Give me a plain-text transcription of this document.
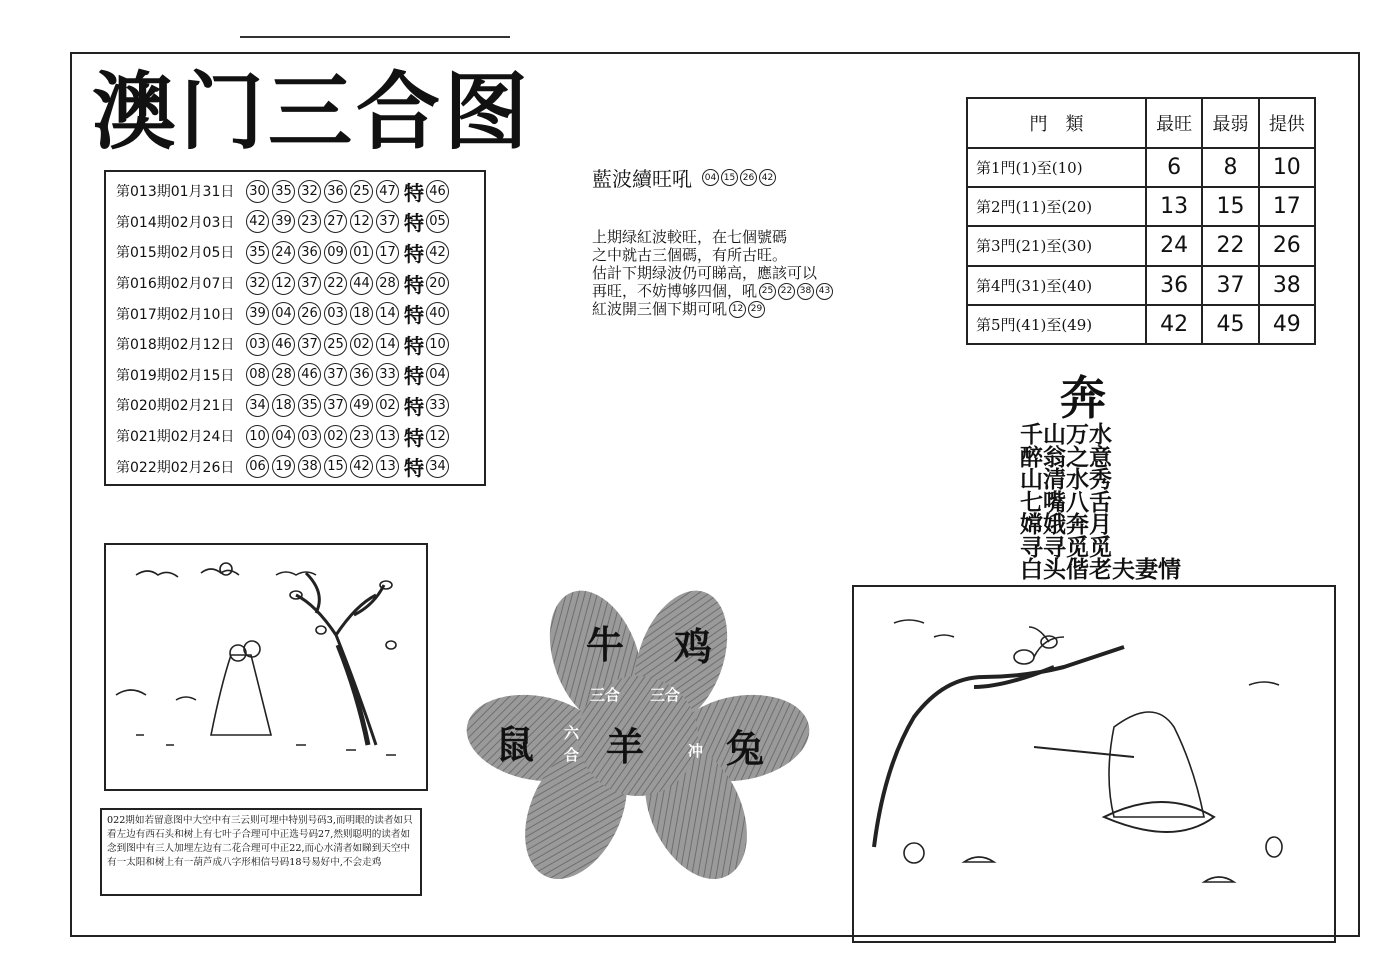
澳门三合图
第013期01月31日	30 35 32 36 25 47 特 46
第014期02月03日	42 39 23 27 12 37 特 05
第015期02月05日	35 24 36 09 01 17 特 42
第016期02月07日	32 12 37 22 44 28 特 20
第017期02月10日	39 04 26 03 18 14 特 40
第018期02月12日	03 46 37 25 02 14 特 10
第019期02月15日	08 28 46 37 36 33 特 04
第020期02月21日	34 18 35 37 49 02 特 33
第021期02月24日	10 04 03 02 23 13 特 12
第022期02月26日	06 19 38 15 42 13 特 34
藍波續旺吼	04 15 26 42
上期绿紅波較旺，在七個號碼
之中就古三個碼，有所古旺。
估計下期绿波仍可睇高，應該可以
再旺，不妨博够四個，吼 25 22 38 43
紅波開三個下期可吼 12 29
門　類	最旺	最弱	提供
第1門(1)至(10)	6	8	10
第2門(11)至(20)	13	15	17
第3門(21)至(30)	24	22	26
第4門(31)至(40)	36	37	38
第5門(41)至(49)	42	45	49
奔
千山万水
醉翁之意
山清水秀
七嘴八舌
嫦娥奔月
寻寻觅觅
白头偕老夫妻情
牛 鸡
鼠 羊 兔
三合 三合
六合	冲
022期如若留意图中大空中有三云则可埋中特别号码3,而明眼的读者如只看左边有西石头和树上有七叶子合理可中正选号码27,然则聪明的读者如念到图中有三人加埋左边有二花合理可中正22,而心水清者如睇到天空中有一太阳和树上有一葫芦成八字形相信号码18号易好中,不会走鸡
